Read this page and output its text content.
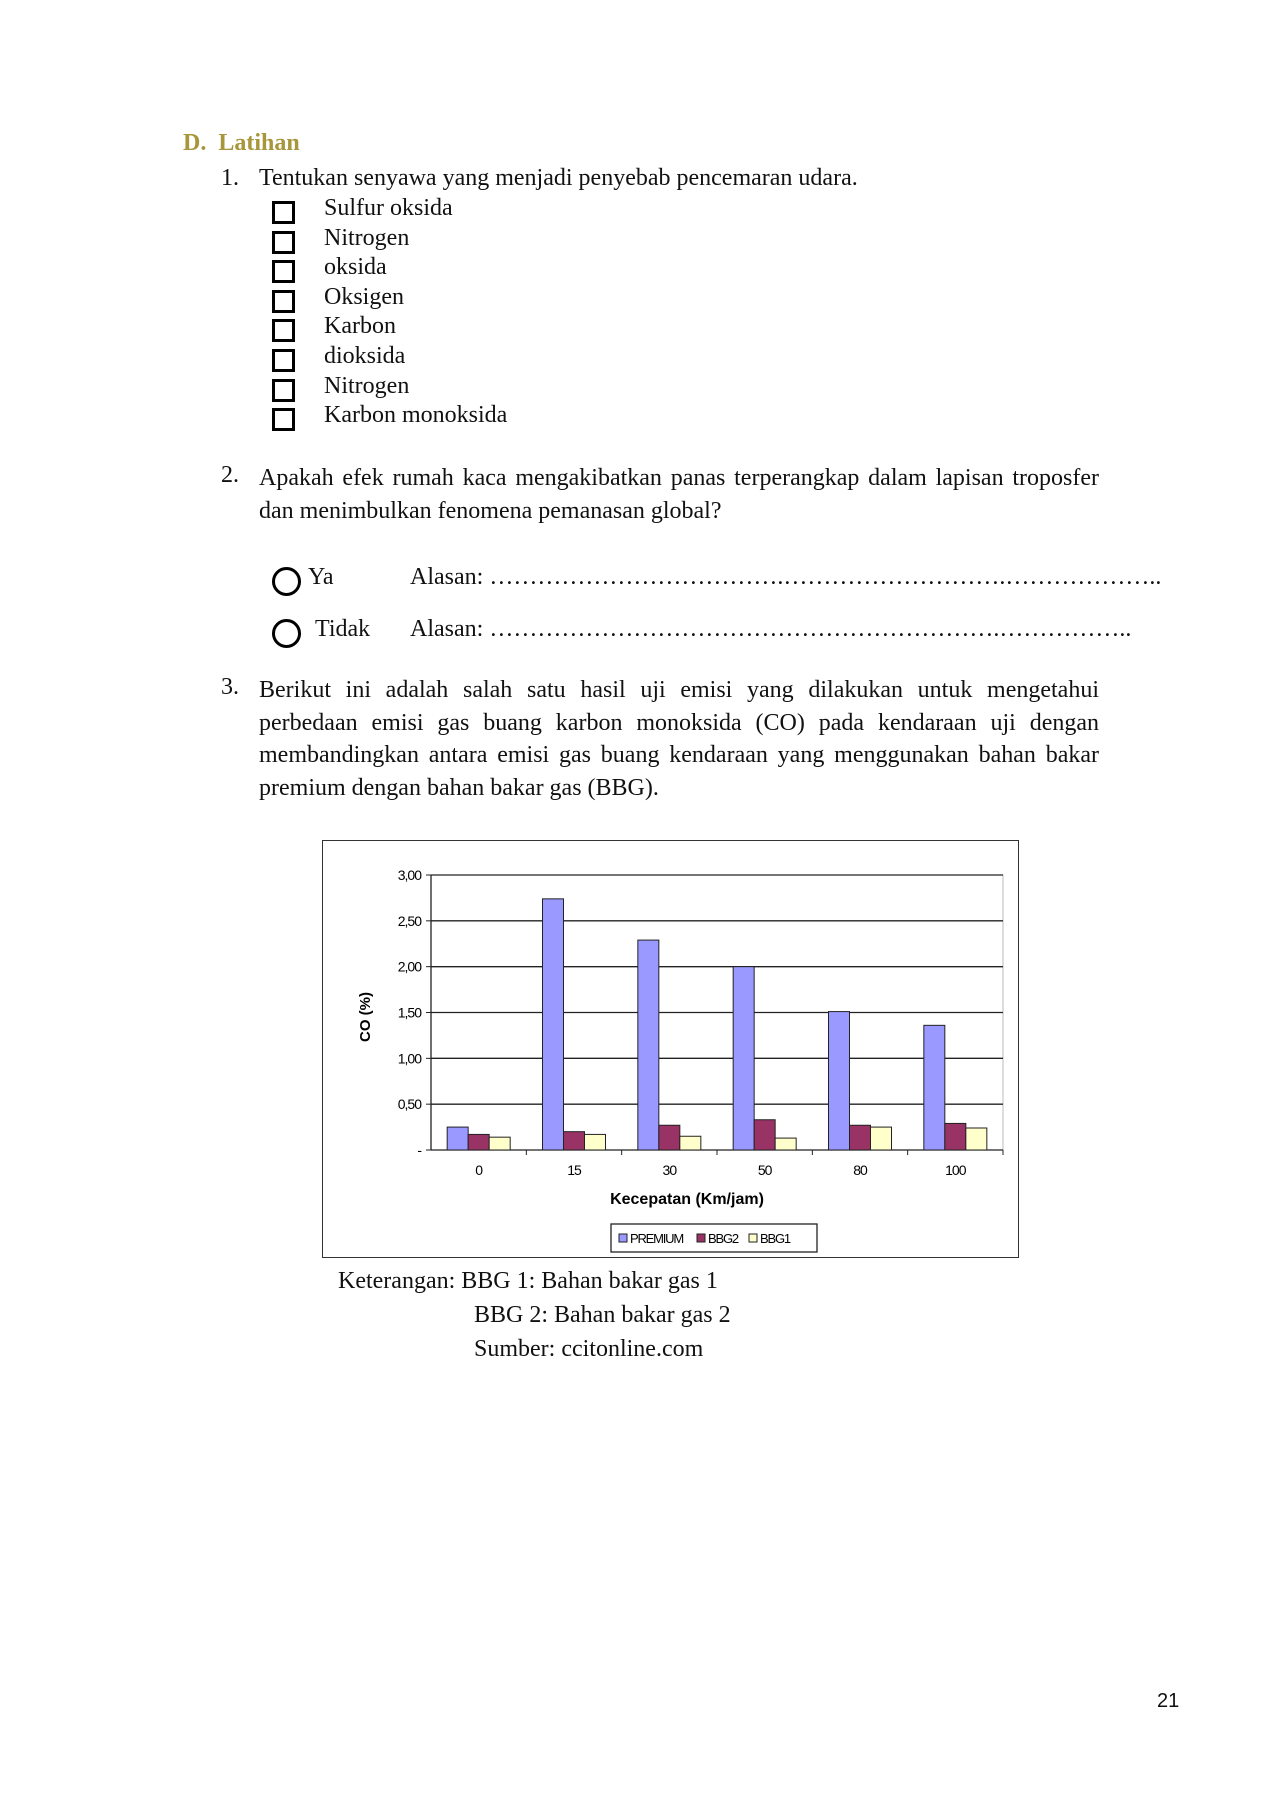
D. Latihan
1. Tentukan senyawa yang menjadi penyebab pencemaran udara.
Sulfur oksida
Nitrogen
oksida
Oksigen
Karbon
dioksida
Nitrogen
Karbon monoksida
2. Apakah efek rumah kaca mengakibatkan panas terperangkap dalam lapisan troposfer dan menimbulkan fenomena pemanasan global?
Ya	Alasan: ……………………………….……………………….………………..
Tidak Alasan: ……………………………………………………….……………..
3. Berikut ini adalah salah satu hasil uji emisi yang dilakukan untuk mengetahui perbedaan emisi gas buang karbon monoksida (CO) pada kendaraan uji dengan membandingkan antara emisi gas buang kendaraan yang menggunakan bahan bakar premium dengan bahan bakar gas (BBG).
-
0,50
1,00
1,50
2,00
2,50
3,00
0	15	30	50	80	100
Kecepatan (Km/jam)
CO (%)
PREMIUM BBG2 BBG1
Keterangan: BBG 1: Bahan bakar gas 1
BBG 2: Bahan bakar gas 2
Sumber: ccitonline.com
21
